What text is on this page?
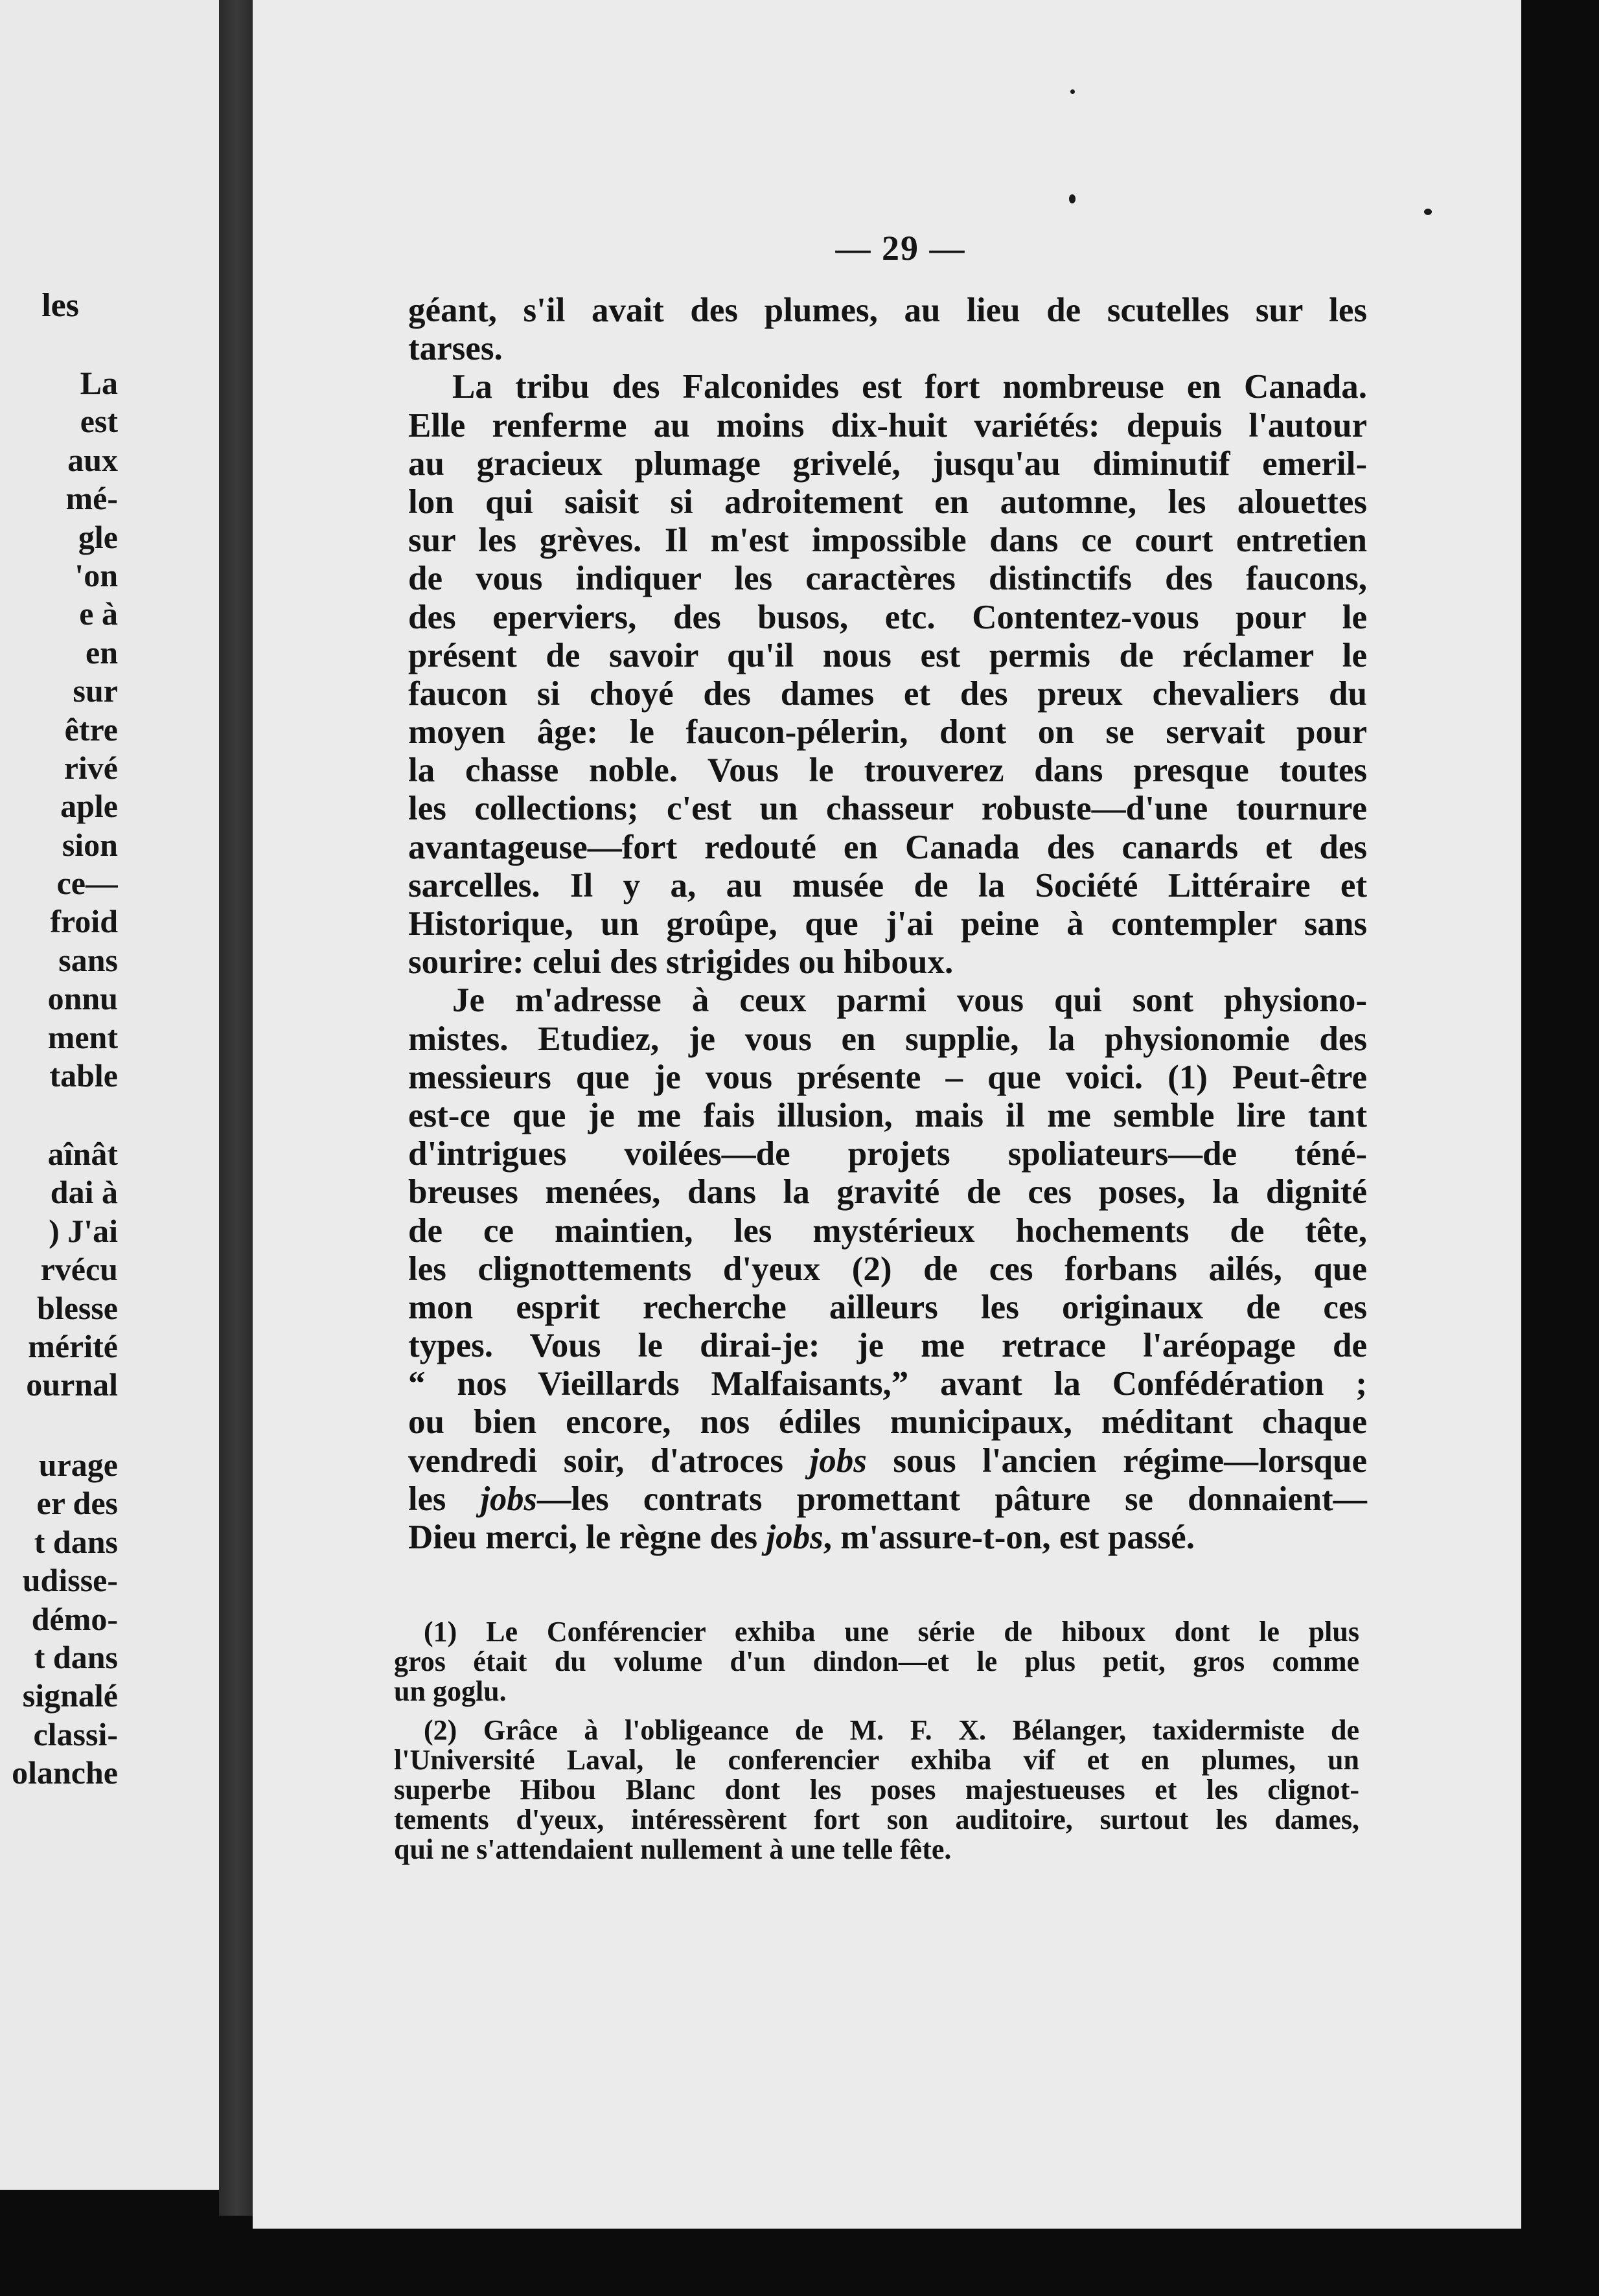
les
La
est
aux
mé-
gle
'on
e à
en
sur
être
rivé
aple
sion
ce—
froid
sans
onnu
ment
table
aînât
dai à
) J'ai
rvécu
blesse
mérité
ournal
urage
er des
t dans
udisse-
démo-
t dans
signalé
classi-
olanche
— 29 —
géant, s'il avait des plumes, au lieu de scutelles sur les
tarses.
La tribu des Falconides est fort nombreuse en Canada.
Elle renferme au moins dix-huit variétés: depuis l'autour
au gracieux plumage grivelé, jusqu'au diminutif emeril-
lon qui saisit si adroitement en automne, les alouettes
sur les grèves. Il m'est impossible dans ce court entretien
de vous indiquer les caractères distinctifs des faucons,
des eperviers, des busos, etc. Contentez-vous pour le
présent de savoir qu'il nous est permis de réclamer le
faucon si choyé des dames et des preux chevaliers du
moyen âge: le faucon-pélerin, dont on se servait pour
la chasse noble. Vous le trouverez dans presque toutes
les collections; c'est un chasseur robuste—d'une tournure
avantageuse—fort redouté en Canada des canards et des
sarcelles. Il y a, au musée de la Société Littéraire et
Historique, un groûpe, que j'ai peine à contempler sans
sourire: celui des strigides ou hiboux.
Je m'adresse à ceux parmi vous qui sont physiono-
mistes. Etudiez, je vous en supplie, la physionomie des
messieurs que je vous présente – que voici. (1) Peut-être
est-ce que je me fais illusion, mais il me semble lire tant
d'intrigues voilées—de projets spoliateurs—de téné-
breuses menées, dans la gravité de ces poses, la dignité
de ce maintien, les mystérieux hochements de tête,
les clignottements d'yeux (2) de ces forbans ailés, que
mon esprit recherche ailleurs les originaux de ces
types. Vous le dirai-je: je me retrace l'aréopage de
“ nos Vieillards Malfaisants,” avant la Confédération ;
ou bien encore, nos édiles municipaux, méditant chaque
vendredi soir, d'atroces jobs sous l'ancien régime—lorsque
les jobs—les contrats promettant pâture se donnaient—
Dieu merci, le règne des jobs, m'assure-t-on, est passé.
(1) Le Conférencier exhiba une série de hiboux dont le plus
gros était du volume d'un dindon—et le plus petit, gros comme
un goglu.
(2) Grâce à l'obligeance de M. F. X. Bélanger, taxidermiste de
l'Université Laval, le conferencier exhiba vif et en plumes, un
superbe Hibou Blanc dont les poses majestueuses et les clignot-
tements d'yeux, intéressèrent fort son auditoire, surtout les dames,
qui ne s'attendaient nullement à une telle fête.
